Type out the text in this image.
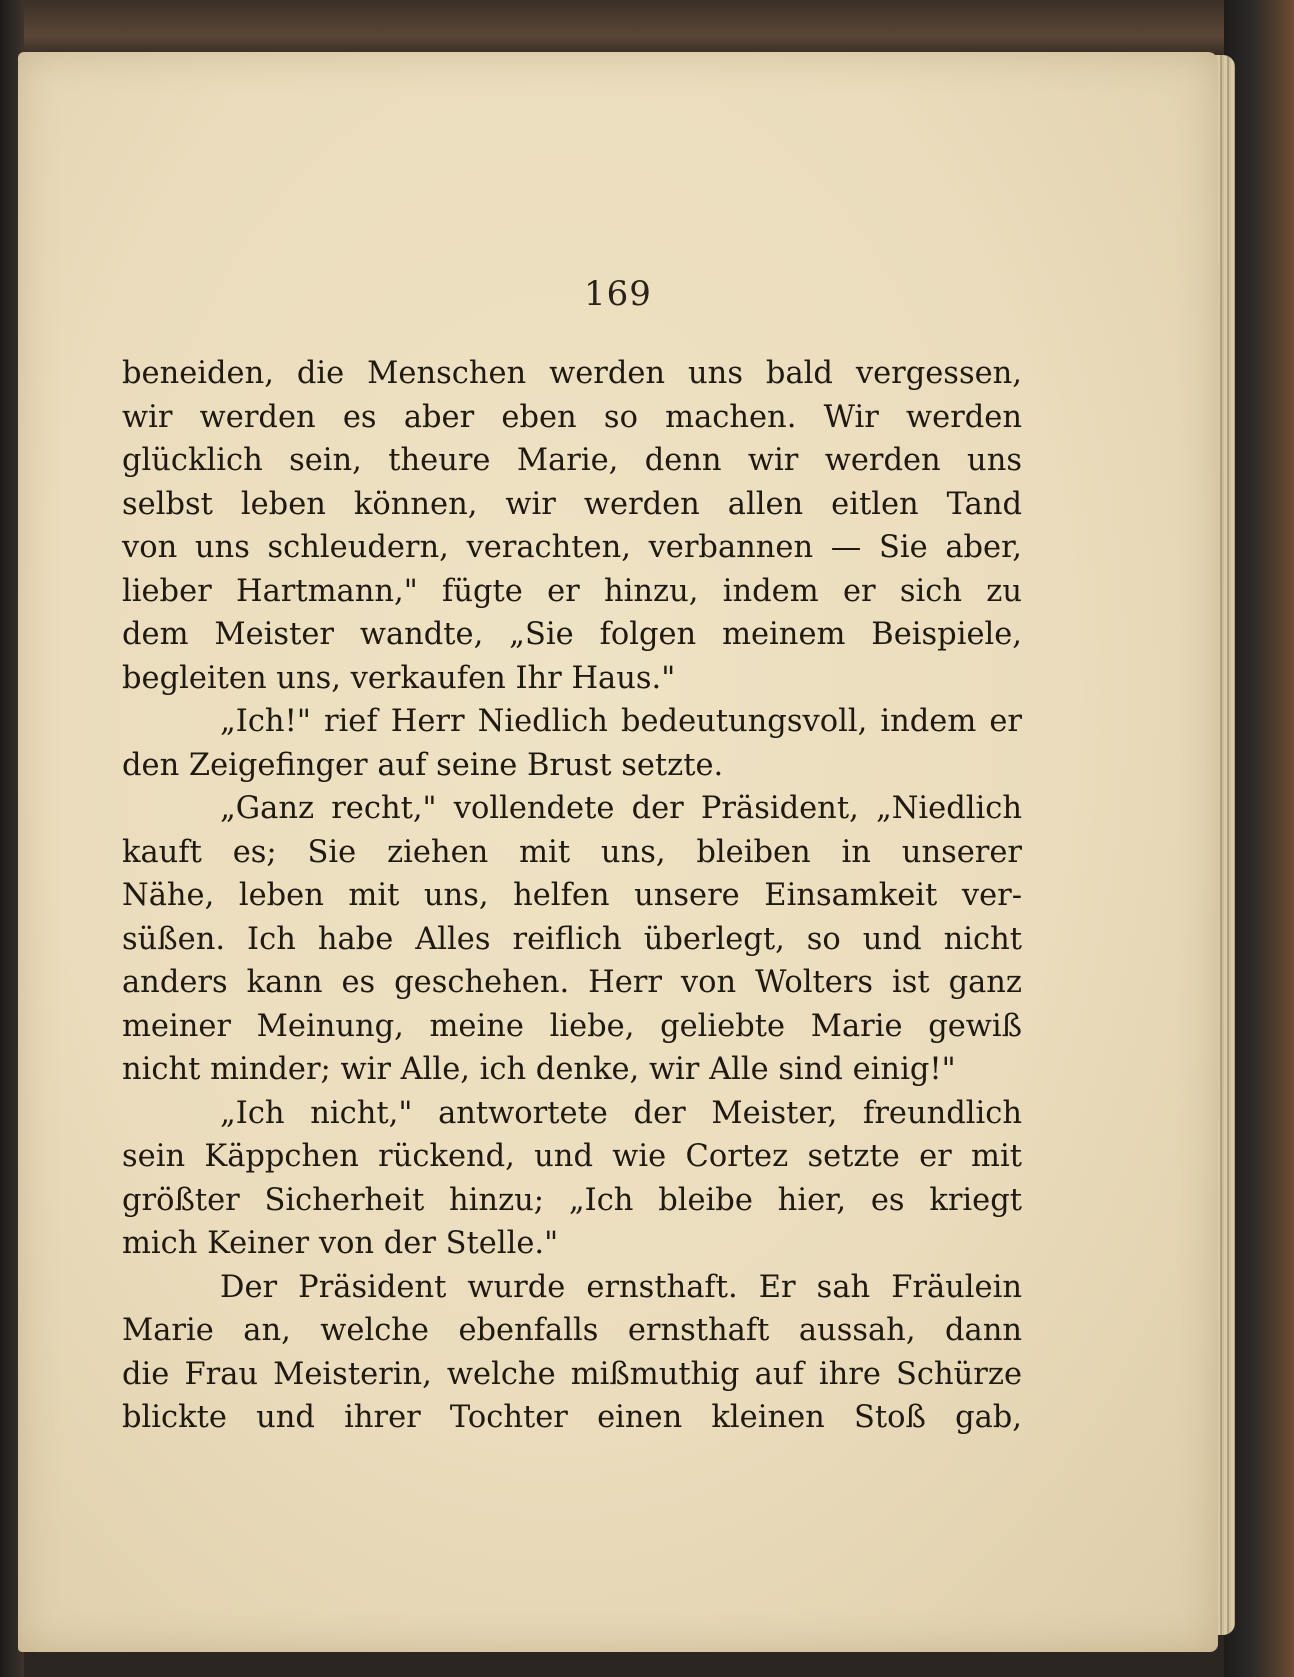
169
beneiden, die Menschen werden uns bald vergessen,
wir werden es aber eben so machen. Wir werden
glücklich sein, theure Marie, denn wir werden uns
selbst leben können, wir werden allen eitlen Tand
von uns schleudern, verachten, verbannen — Sie aber,
lieber Hartmann," fügte er hinzu, indem er sich zu
dem Meister wandte, „Sie folgen meinem Beispiele,
begleiten uns, verkaufen Ihr Haus."
„Ich!" rief Herr Niedlich bedeutungsvoll, indem er
den Zeigefinger auf seine Brust setzte.
„Ganz recht," vollendete der Präsident, „Niedlich
kauft es; Sie ziehen mit uns, bleiben in unserer
Nähe, leben mit uns, helfen unsere Einsamkeit ver-
süßen. Ich habe Alles reiflich überlegt, so und nicht
anders kann es geschehen. Herr von Wolters ist ganz
meiner Meinung, meine liebe, geliebte Marie gewiß
nicht minder; wir Alle, ich denke, wir Alle sind einig!"
„Ich nicht," antwortete der Meister, freundlich
sein Käppchen rückend, und wie Cortez setzte er mit
größter Sicherheit hinzu; „Ich bleibe hier, es kriegt
mich Keiner von der Stelle."
Der Präsident wurde ernsthaft. Er sah Fräulein
Marie an, welche ebenfalls ernsthaft aussah, dann
die Frau Meisterin, welche mißmuthig auf ihre Schürze
blickte und ihrer Tochter einen kleinen Stoß gab,
